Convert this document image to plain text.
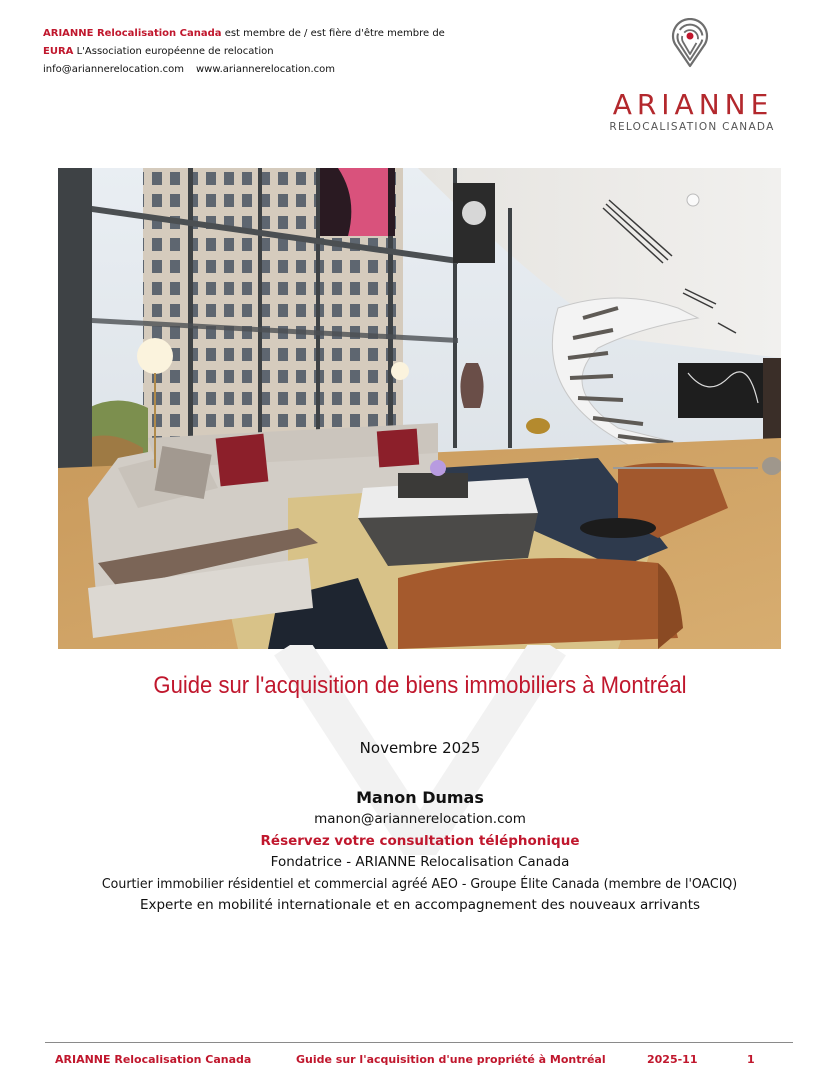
ARIANNE Relocalisation Canada est membre de / est fière d'être membre de
EURA L'Association européenne de relocation
info@ariannerelocation.com www.ariannerelocation.com
ARIANNE
RELOCALISATION CANADA
Guide sur l'acquisition de biens immobiliers à Montréal
Novembre 2025
Manon Dumas
manon@ariannerelocation.com
Réservez votre consultation téléphonique
Fondatrice - ARIANNE Relocalisation Canada
Courtier immobilier résidentiel et commercial agréé AEO - Groupe Élite Canada (membre de l'OACIQ)
Experte en mobilité internationale et en accompagnement des nouveaux arrivants
ARIANNE Relocalisation Canada	Guide sur l'acquisition d'une propriété à Montréal	2025-11	1
